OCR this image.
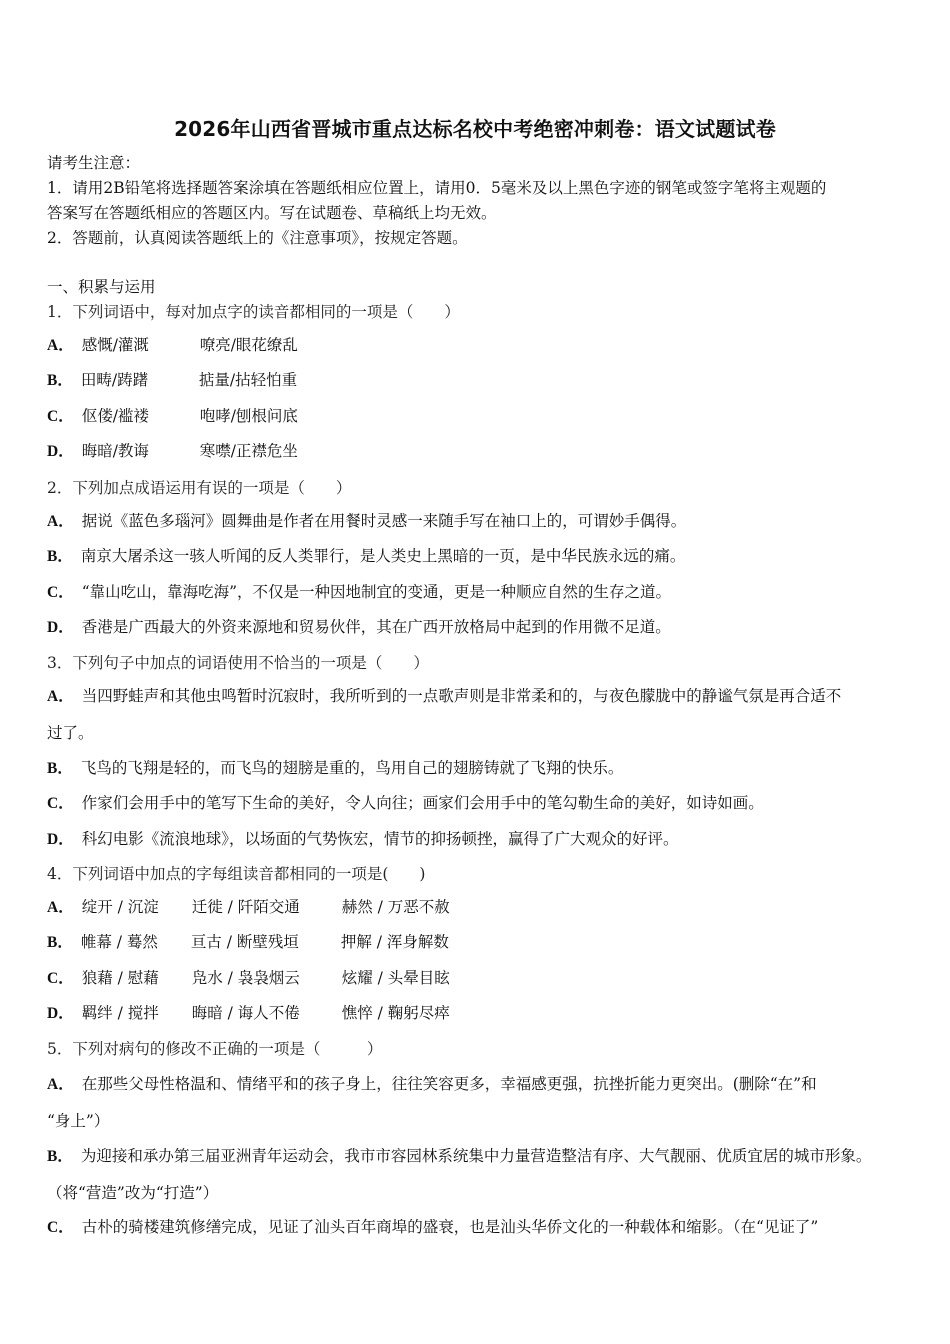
2026年山西省晋城市重点达标名校中考绝密冲刺卷：语文试题试卷
请考生注意：
1．请用2B铅笔将选择题答案涂填在答题纸相应位置上，请用0．5毫米及以上黑色字迹的钢笔或签字笔将主观题的
答案写在答题纸相应的答题区内。写在试题卷、草稿纸上均无效。
2．答题前，认真阅读答题纸上的《注意事项》，按规定答题。
一、积累与运用
1．下列词语中，每对加点字的读音都相同的一项是（　　）
A． 感慨/灌溉	嘹亮/眼花缭乱
B． 田畴/踌躇	掂量/拈轻怕重
C． 伛偻/褴褛	咆哮/刨根问底
D． 晦暗/教诲	寒噤/正襟危坐
2．下列加点成语运用有误的一项是（　　）
A． 据说《蓝色多瑙河》圆舞曲是作者在用餐时灵感一来随手写在袖口上的，可谓妙手偶得。
B． 南京大屠杀这一骇人听闻的反人类罪行，是人类史上黑暗的一页，是中华民族永远的痛。
C． “靠山吃山，靠海吃海”，不仅是一种因地制宜的变通，更是一种顺应自然的生存之道。
D． 香港是广西最大的外资来源地和贸易伙伴，其在广西开放格局中起到的作用微不足道。
3．下列句子中加点的词语使用不恰当的一项是（　　）
A． 当四野蛙声和其他虫鸣暂时沉寂时，我所听到的一点歌声则是非常柔和的，与夜色朦胧中的静谧气氛是再合适不
过了。
B． 飞鸟的飞翔是轻的，而飞鸟的翅膀是重的，鸟用自己的翅膀铸就了飞翔的快乐。
C． 作家们会用手中的笔写下生命的美好，令人向往；画家们会用手中的笔勾勒生命的美好，如诗如画。
D． 科幻电影《流浪地球》，以场面的气势恢宏，情节的抑扬顿挫，赢得了广大观众的好评。
4．下列词语中加点的字每组读音都相同的一项是(　　)
A． 绽开 / 沉淀 迁徙 / 阡陌交通	赫然 / 万恶不赦
B． 帷幕 / 蓦然 亘古 / 断壁残垣	押解 / 浑身解数
C． 狼藉 / 慰藉 凫水 / 袅袅烟云	炫耀 / 头晕目眩
D． 羁绊 / 搅拌 晦暗 / 诲人不倦	憔悴 / 鞠躬尽瘁
5．下列对病句的修改不正确的一项是（　　　）
A． 在那些父母性格温和、情绪平和的孩子身上，往往笑容更多，幸福感更强，抗挫折能力更突出。(删除“在”和
“身上”）
B． 为迎接和承办第三届亚洲青年运动会，我市市容园林系统集中力量营造整洁有序、大气靓丽、优质宜居的城市形象。
（将“营造”改为“打造”）
C． 古朴的骑楼建筑修缮完成，见证了汕头百年商埠的盛衰，也是汕头华侨文化的一种载体和缩影。（在“见证了”
